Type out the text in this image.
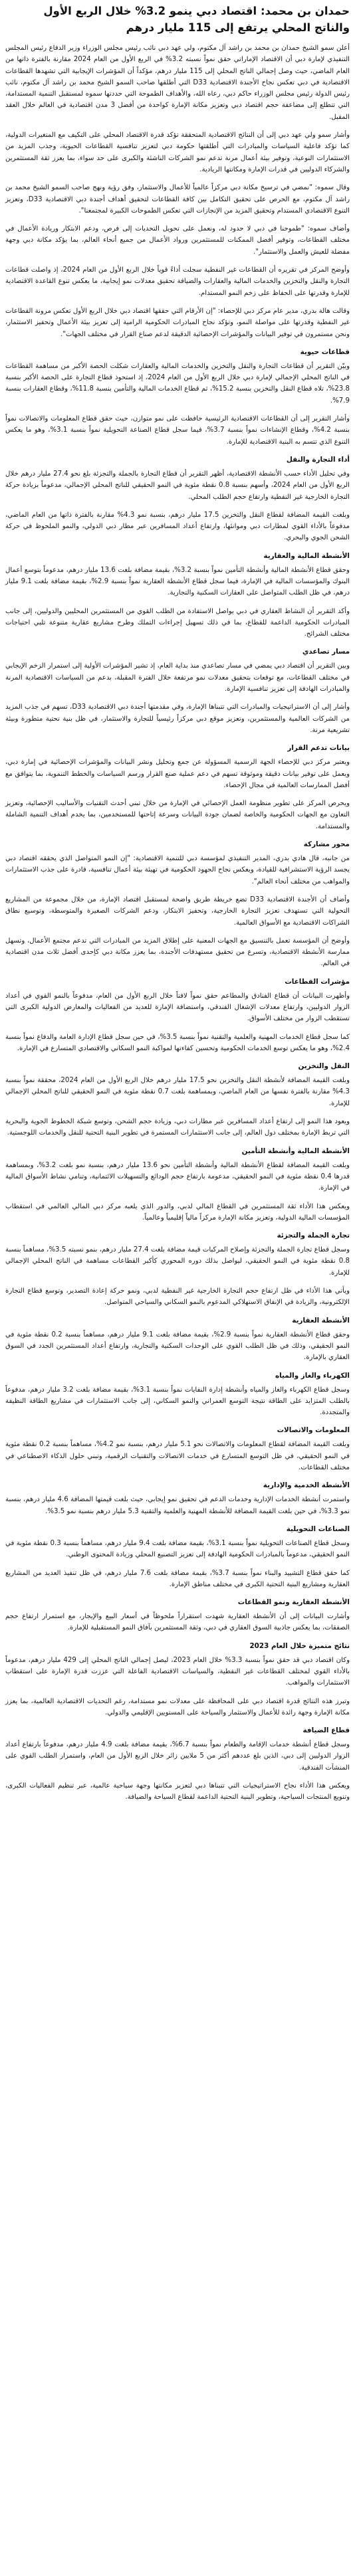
حمدان بن محمد: اقتصاد دبي ينمو 3.2% خلال الربع الأول والناتج المحلي يرتفع إلى 115 مليار درهم

أعلن سمو الشيخ حمدان بن محمد بن راشد آل مكتوم، ولي عهد دبي نائب رئيس مجلس الوزراء وزير الدفاع رئيس المجلس التنفيذي لإمارة دبي أن الاقتصاد الإماراتي حقق نمواً نسبته 3.2% في الربع الأول من العام 2024 مقارنة بالفترة ذاتها من العام الماضي، حيث وصل إجمالي الناتج المحلي إلى 115 مليار درهم، مؤكداً أن المؤشرات الإيجابية التي تشهدها القطاعات الاقتصادية في دبي تعكس نجاح الأجندة الاقتصادية D33 التي أطلقها صاحب السمو الشيخ محمد بن راشد آل مكتوم، نائب رئيس الدولة رئيس مجلس الوزراء حاكم دبي، رعاه الله، والأهداف الطموحة التي حددتها سموه لمستقبل التنمية المستدامة، التي تتطلع إلى مضاعفة حجم اقتصاد دبي وتعزيز مكانة الإمارة كواحدة من أفضل 3 مدن اقتصادية في العالم خلال العقد المقبل.

وأشار سمو ولي عهد دبي إلى أن النتائج الاقتصادية المتحققة تؤكد قدرة الاقتصاد المحلي على التكيف مع المتغيرات الدولية، كما تؤكد فاعلية السياسات والمبادرات التي أطلقتها حكومة دبي لتعزيز تنافسية القطاعات الحيوية، وجذب المزيد من الاستثمارات النوعية، وتوفير بيئة أعمال مرنة تدعم نمو الشركات الناشئة والكبرى على حد سواء، بما يعزز ثقة المستثمرين والشركاء الدوليين في قدرات الإمارة ومكانتها الريادية.

وقال سموه: "نمضي في ترسيخ مكانة دبي مركزاً عالمياً للأعمال والاستثمار، وفق رؤية ونهج صاحب السمو الشيخ محمد بن راشد آل مكتوم، مع الحرص على تحقيق التكامل بين كافة القطاعات لتحقيق أهداف أجندة دبي الاقتصادية D33، وتعزيز التنوع الاقتصادي المستدام وتحقيق المزيد من الإنجازات التي تعكس الطموحات الكبيرة لمجتمعنا".

وأضاف سموه: "طموحنا في دبي لا حدود له، ونعمل على تحويل التحديات إلى فرص، ودعم الابتكار وريادة الأعمال في مختلف القطاعات، وتوفير أفضل الممكنات للمستثمرين ورواد الأعمال من جميع أنحاء العالم، بما يؤكد مكانة دبي وجهة مفضلة للعيش والعمل والاستثمار".

وأوضح المركز في تقريره أن القطاعات غير النفطية سجلت أداءً قوياً خلال الربع الأول من العام 2024، إذ واصلت قطاعات التجارة والنقل والتخزين والخدمات المالية والعقارات والضيافة تحقيق معدلات نمو إيجابية، ما يعكس تنوع القاعدة الاقتصادية للإمارة وقدرتها على الحفاظ على زخم النمو المستدام.

وقالت هالة بدري، مدير عام مركز دبي للإحصاء: "إن الأرقام التي حققها اقتصاد دبي خلال الربع الأول تعكس مرونة القطاعات غير النفطية وقدرتها على مواصلة النمو، وتؤكد نجاح المبادرات الحكومية الرامية إلى تعزيز بيئة الأعمال وتحفيز الاستثمار، ونحن مستمرون في توفير البيانات والمؤشرات الإحصائية الدقيقة لدعم صناع القرار في مختلف الجهات".

قطاعات حيوية

وبيّن التقرير أن قطاعات التجارة والنقل والتخزين والخدمات المالية والعقارات شكلت الحصة الأكبر من مساهمة القطاعات في الناتج المحلي الإجمالي لإمارة دبي خلال الربع الأول من العام 2024، إذ استحوذ قطاع التجارة على الحصة الأكبر بنسبة 23.8%، تلاه قطاع النقل والتخزين بنسبة 15.2%، ثم قطاع الخدمات المالية والتأمين بنسبة 11.8%، وقطاع العقارات بنسبة 7.9%.

وأشار التقرير إلى أن القطاعات الاقتصادية الرئيسية حافظت على نمو متوازن، حيث حقق قطاع المعلومات والاتصالات نمواً بنسبة 4.2%، وقطاع الإنشاءات نمواً بنسبة 3.7%، فيما سجل قطاع الصناعة التحويلية نمواً بنسبة 3.1%، وهو ما يعكس التنوع الذي تتسم به البنية الاقتصادية للإمارة.

أداء التجارة والنقل

وفي تحليل الأداء حسب الأنشطة الاقتصادية، أظهر التقرير أن قطاع التجارة بالجملة والتجزئة بلغ نحو 27.4 مليار درهم خلال الربع الأول من العام 2024، وأسهم بنسبة 0.8 نقطة مئوية في النمو الحقيقي للناتج المحلي الإجمالي، مدعوماً بزيادة حركة التجارة الخارجية غير النفطية وارتفاع حجم الطلب المحلي.

وبلغت القيمة المضافة لقطاع النقل والتخزين 17.5 مليار درهم، بنسبة نمو 4.3% مقارنة بالفترة ذاتها من العام الماضي، مدفوعاً بالأداء القوي لمطارات دبي وموانئها، وارتفاع أعداد المسافرين عبر مطار دبي الدولي، والنمو الملحوظ في حركة الشحن الجوي والبحري.

الأنشطة المالية والعقارية

وحقق قطاع الأنشطة المالية وأنشطة التأمين نمواً بنسبة 3.2%، بقيمة مضافة بلغت 13.6 مليار درهم، مدعوماً بتوسع أعمال البنوك والمؤسسات المالية في الإمارة، فيما سجل قطاع الأنشطة العقارية نمواً بنسبة 2.9%، بقيمة مضافة بلغت 9.1 مليار درهم، في ظل الطلب المتواصل على العقارات السكنية والتجارية.

وأكد التقرير أن النشاط العقاري في دبي يواصل الاستفادة من الطلب القوي من المستثمرين المحليين والدوليين، إلى جانب المبادرات الحكومية الداعمة للقطاع، بما في ذلك تسهيل إجراءات التملك وطرح مشاريع عقارية متنوعة تلبي احتياجات مختلف الشرائح.

مسار تصاعدي

وبين التقرير أن اقتصاد دبي يمضي في مسار تصاعدي منذ بداية العام، إذ تشير المؤشرات الأولية إلى استمرار الزخم الإيجابي في مختلف القطاعات، مع توقعات بتحقيق معدلات نمو مرتفعة خلال الفترة المقبلة، بدعم من السياسات الاقتصادية المرنة والمبادرات الهادفة إلى تعزيز تنافسية الإمارة.

وأشار إلى أن الاستراتيجيات والمبادرات التي تتبناها الإمارة، وفي مقدمتها أجندة دبي الاقتصادية D33، تسهم في جذب المزيد من الشركات العالمية والمستثمرين، وتعزيز موقع دبي مركزاً رئيسياً للتجارة والاستثمار، في ظل بنية تحتية متطورة وبيئة تشريعية مرنة.

بيانات تدعم القرار

ويعتبر مركز دبي للإحصاء الجهة الرسمية المسؤولة عن جمع وتحليل ونشر البيانات والمؤشرات الإحصائية في إمارة دبي، ويعمل على توفير بيانات دقيقة وموثوقة تسهم في دعم عملية صنع القرار ورسم السياسات والخطط التنموية، بما يتوافق مع أفضل الممارسات العالمية في مجال الإحصاء.

ويحرص المركز على تطوير منظومة العمل الإحصائي في الإمارة من خلال تبني أحدث التقنيات والأساليب الإحصائية، وتعزيز التعاون مع الجهات الحكومية والخاصة لضمان جودة البيانات وسرعة إتاحتها للمستخدمين، بما يخدم أهداف التنمية الشاملة والمستدامة.

محور مشاركة

من جانبه، قال هادي بدري، المدير التنفيذي لمؤسسة دبي للتنمية الاقتصادية: "إن النمو المتواصل الذي يحققه اقتصاد دبي يجسد الرؤية الاستشرافية للقيادة، ويعكس نجاح الجهود الحكومية في تهيئة بيئة أعمال تنافسية، قادرة على جذب الاستثمارات والمواهب من مختلف أنحاء العالم".

وأضاف أن الأجندة الاقتصادية D33 تضع خريطة طريق واضحة لمستقبل اقتصاد الإمارة، من خلال مجموعة من المشاريع التحولية التي تستهدف تعزيز التجارة الخارجية، وتحفيز الابتكار، ودعم الشركات الصغيرة والمتوسطة، وتوسيع نطاق الشراكات الاقتصادية مع الأسواق العالمية.

وأوضح أن المؤسسة تعمل بالتنسيق مع الجهات المعنية على إطلاق المزيد من المبادرات التي تدعم مجتمع الأعمال، وتسهل ممارسة الأنشطة الاقتصادية، وتسرع من تحقيق مستهدفات الأجندة، بما يعزز مكانة دبي كإحدى أفضل ثلاث مدن اقتصادية في العالم.

مؤشرات القطاعات

وأظهرت البيانات أن قطاع الفنادق والمطاعم حقق نمواً لافتاً خلال الربع الأول من العام، مدفوعاً بالنمو القوي في أعداد الزوار الدوليين، وارتفاع معدلات الإشغال الفندقي، واستضافة الإمارة للعديد من الفعاليات والمعارض الدولية الكبرى التي تستقطب الزوار من مختلف الأسواق.

كما سجل قطاع الخدمات المهنية والعلمية والتقنية نمواً بنسبة 3.5%، في حين سجل قطاع الإدارة العامة والدفاع نمواً بنسبة 2.4%، وهو ما يعكس توسع الخدمات الحكومية وتحسين كفاءتها لمواكبة النمو السكاني والاقتصادي المتسارع في الإمارة.

النقل والتخزين

وبلغت القيمة المضافة لأنشطة النقل والتخزين نحو 17.5 مليار درهم خلال الربع الأول من العام 2024، محققة نمواً بنسبة 4.3% مقارنة بالفترة نفسها من العام الماضي، وبمساهمة بلغت 0.7 نقطة مئوية في النمو الحقيقي للناتج المحلي الإجمالي للإمارة.

ويعود هذا النمو إلى ارتفاع أعداد المسافرين عبر مطارات دبي، وزيادة حجم الشحن، وتوسع شبكة الخطوط الجوية والبحرية التي تربط الإمارة بمختلف دول العالم، إلى جانب الاستثمارات المستمرة في تطوير البنية التحتية للنقل والخدمات اللوجستية.

الأنشطة المالية وأنشطة التأمين

وبلغت القيمة المضافة لقطاع الأنشطة المالية وأنشطة التأمين نحو 13.6 مليار درهم، بنسبة نمو بلغت 3.2%، وبمساهمة قدرها 0.4 نقطة مئوية في النمو الحقيقي، مدعومة بارتفاع حجم الودائع والتسهيلات الائتمانية، وتنامي نشاط الأسواق المالية في الإمارة.

ويعكس هذا الأداء ثقة المستثمرين في القطاع المالي لدبي، والدور الذي يلعبه مركز دبي المالي العالمي في استقطاب المؤسسات المالية الدولية، وتعزيز مكانة الإمارة مركزاً مالياً إقليمياً وعالمياً.

تجارة الجملة والتجزئة

وسجل قطاع تجارة الجملة والتجزئة وإصلاح المركبات قيمة مضافة بلغت 27.4 مليار درهم، بنمو نسبته 3.5%، مساهماً بنسبة 0.8 نقطة مئوية في النمو الحقيقي، ليواصل بذلك دوره المحوري كأكبر القطاعات مساهمة في الناتج المحلي الإجمالي للإمارة.

ويأتي هذا الأداء في ظل ارتفاع حجم التجارة الخارجية غير النفطية لدبي، ونمو حركة إعادة التصدير، وتوسع قطاع التجارة الإلكترونية، والزيادة في الإنفاق الاستهلاكي المدعوم بالنمو السكاني والسياحي المتواصل.

الأنشطة العقارية

وحقق قطاع الأنشطة العقارية نمواً بنسبة 2.9%، بقيمة مضافة بلغت 9.1 مليار درهم، مساهماً بنسبة 0.2 نقطة مئوية في النمو الحقيقي، وذلك في ظل الطلب القوي على الوحدات السكنية والتجارية، وارتفاع أعداد المستثمرين الجدد في السوق العقاري بالإمارة.

الكهرباء والغاز والمياه

وسجل قطاع الكهرباء والغاز والمياه وأنشطة إدارة النفايات نمواً بنسبة 3.1%، بقيمة مضافة بلغت 3.2 مليار درهم، مدفوعاً بالطلب المتزايد على الطاقة نتيجة التوسع العمراني والنمو السكاني، إلى جانب الاستثمارات في مشاريع الطاقة النظيفة والمتجددة.

المعلومات والاتصالات

وبلغت القيمة المضافة لقطاع المعلومات والاتصالات نحو 5.1 مليار درهم، بنسبة نمو 4.2%، مساهماً بنسبة 0.2 نقطة مئوية في النمو الحقيقي، في ظل التوسع المتسارع في خدمات الاتصالات والتقنيات الرقمية، وتبني حلول الذكاء الاصطناعي في مختلف القطاعات.

الأنشطة الخدمية والإدارية

واستمرت أنشطة الخدمات الإدارية وخدمات الدعم في تحقيق نمو إيجابي، حيث بلغت قيمتها المضافة 4.6 مليار درهم، بنسبة نمو 3.3%، في حين بلغت القيمة المضافة للأنشطة المهنية والعلمية والتقنية 5.3 مليار درهم بنسبة نمو 3.5%.

الصناعات التحويلية

وسجل قطاع الصناعات التحويلية نمواً بنسبة 3.1%، بقيمة مضافة بلغت 9.4 مليار درهم، مساهماً بنسبة 0.3 نقطة مئوية في النمو الحقيقي، مدعوماً بالمبادرات الحكومية الهادفة إلى تعزيز التصنيع المحلي وزيادة المحتوى الوطني.

كما حقق قطاع التشييد والبناء نمواً بنسبة 3.7%، بقيمة مضافة بلغت 7.6 مليار درهم، في ظل تنفيذ العديد من المشاريع العقارية ومشاريع البنية التحتية الكبرى في مختلف مناطق الإمارة.

الأنشطة العقارية ونمو القطاعات

وأشارت البيانات إلى أن الأنشطة العقارية شهدت استقراراً ملحوظاً في أسعار البيع والإيجار، مع استمرار ارتفاع حجم الصفقات، بما يعكس جاذبية السوق العقاري في دبي، وثقة المستثمرين بآفاق النمو المستقبلية للإمارة.

نتائج متميزة خلال العام 2023

وكان اقتصاد دبي قد حقق نمواً بنسبة 3.3% خلال العام 2023، ليصل إجمالي الناتج المحلي إلى 429 مليار درهم، مدعوماً بالأداء القوي لمختلف القطاعات غير النفطية، والسياسات الاقتصادية الفاعلة التي عززت قدرة الإمارة على استقطاب الاستثمارات والمواهب.

وتبرز هذه النتائج قدرة اقتصاد دبي على المحافظة على معدلات نمو مستدامة، رغم التحديات الاقتصادية العالمية، بما يعزز مكانة الإمارة وجهة رائدة للأعمال والاستثمار والسياحة على المستويين الإقليمي والدولي.

قطاع الضيافة

وسجل قطاع أنشطة خدمات الإقامة والطعام نمواً بنسبة 6.7%، بقيمة مضافة بلغت 4.9 مليار درهم، مدفوعاً بارتفاع أعداد الزوار الدوليين إلى دبي، الذين بلغ عددهم أكثر من 5 ملايين زائر خلال الربع الأول من العام، واستمرار الطلب القوي على المنشآت الفندقية.

ويعكس هذا الأداء نجاح الاستراتيجيات التي تتبناها دبي لتعزيز مكانتها وجهة سياحية عالمية، عبر تنظيم الفعاليات الكبرى، وتنويع المنتجات السياحية، وتطوير البنية التحتية الداعمة لقطاع السياحة والضيافة.
